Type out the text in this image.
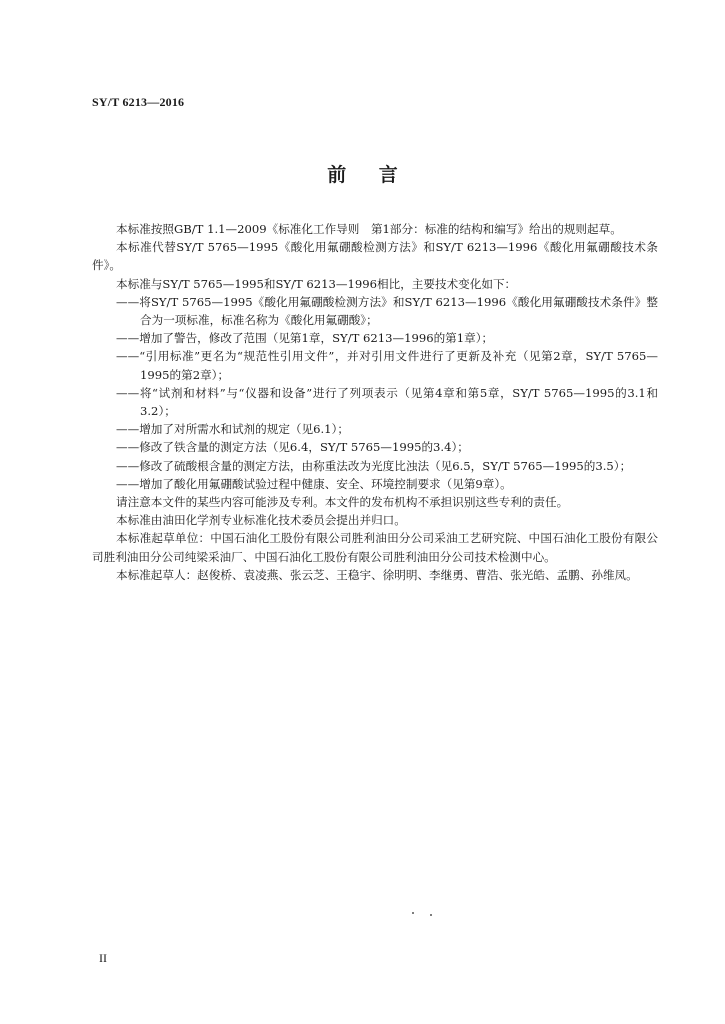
SY/T 6213—2016
前 言

本标准按照GB/T 1.1—2009《标准化工作导则　第1部分：标准的结构和编写》给出的规则起草。

本标准代替SY/T 5765—1995《酸化用氟硼酸检测方法》和SY/T 6213—1996《酸化用氟硼酸技术条件》。

本标准与SY/T 5765—1995和SY/T 6213—1996相比，主要技术变化如下：

——将SY/T 5765—1995《酸化用氟硼酸检测方法》和SY/T 6213—1996《酸化用氟硼酸技术条件》整合为一项标准，标准名称为《酸化用氟硼酸》；

——增加了警告，修改了范围（见第1章，SY/T 6213—1996的第1章）；

——“引用标准”更名为“规范性引用文件”，并对引用文件进行了更新及补充（见第2章，SY/T 5765—1995的第2章）；

——将“试剂和材料”与“仪器和设备”进行了列项表示（见第4章和第5章，SY/T 5765—1995的3.1和3.2）；

——增加了对所需水和试剂的规定（见6.1）；

——修改了铁含量的测定方法（见6.4，SY/T 5765—1995的3.4）；

——修改了硫酸根含量的测定方法，由称重法改为光度比浊法（见6.5，SY/T 5765—1995的3.5）；

——增加了酸化用氟硼酸试验过程中健康、安全、环境控制要求（见第9章）。

请注意本文件的某些内容可能涉及专利。本文件的发布机构不承担识别这些专利的责任。

本标准由油田化学剂专业标准化技术委员会提出并归口。

本标准起草单位：中国石油化工股份有限公司胜利油田分公司采油工艺研究院、中国石油化工股份有限公司胜利油田分公司纯梁采油厂、中国石油化工股份有限公司胜利油田分公司技术检测中心。

本标准起草人：赵俊桥、袁凌燕、张云芝、王稳宇、徐明明、李继勇、曹浩、张光皓、孟鹏、孙维凤。

II
